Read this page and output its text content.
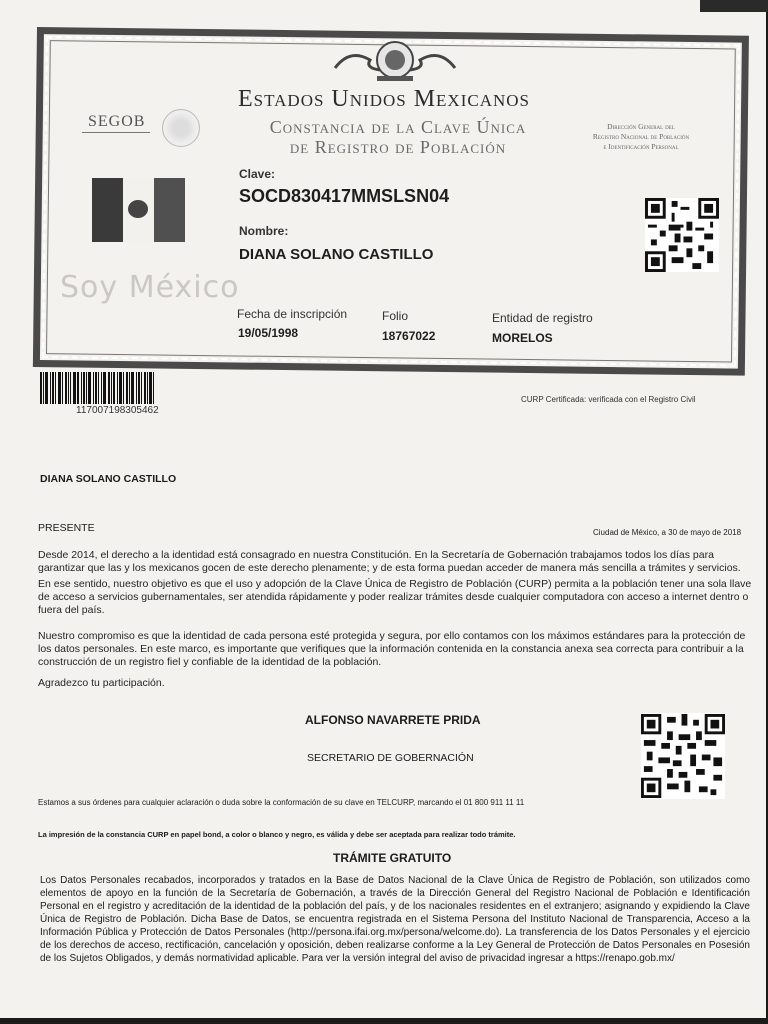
Estados Unidos Mexicanos
Constancia de la Clave Única
de Registro de Población
SEGOB	Dirección General del
Registro Nacional de Población
e Identificación Personal
Soy México
Clave:
SOCD830417MMSLSN04
Nombre:
DIANA SOLANO CASTILLO
Fecha de inscripción
19/05/1998
Folio
18767022
Entidad de registro
MORELOS
117007198305462
CURP Certificada: verificada con el Registro Civil
DIANA SOLANO CASTILLO
PRESENTE	Ciudad de México, a 30 de mayo de 2018
Desde 2014, el derecho a la identidad está consagrado en nuestra Constitución. En la Secretaría de Gobernación trabajamos todos los días para garantizar que las y los mexicanos gocen de este derecho plenamente; y de esta forma puedan acceder de manera más sencilla a trámites y servicios.
En ese sentido, nuestro objetivo es que el uso y adopción de la Clave Única de Registro de Población (CURP) permita a la población tener una sola llave de acceso a servicios gubernamentales, ser atendida rápidamente y poder realizar trámites desde cualquier computadora con acceso a internet dentro o fuera del país.
Nuestro compromiso es que la identidad de cada persona esté protegida y segura, por ello contamos con los máximos estándares para la protección de los datos personales. En este marco, es importante que verifiques que la información contenida en la constancia anexa sea correcta para contribuir a la construcción de un registro fiel y confiable de la identidad de la población.
Agradezco tu participación.
ALFONSO NAVARRETE PRIDA
SECRETARIO DE GOBERNACIÓN
Estamos a sus órdenes para cualquier aclaración o duda sobre la conformación de su clave en TELCURP, marcando el 01 800 911 11 11
La impresión de la constancia CURP en papel bond, a color o blanco y negro, es válida y debe ser aceptada para realizar todo trámite.
TRÁMITE GRATUITO
Los Datos Personales recabados, incorporados y tratados en la Base de Datos Nacional de la Clave Única de Registro de Población, son utilizados como elementos de apoyo en la función de la Secretaría de Gobernación, a través de la Dirección General del Registro Nacional de Población e Identificación Personal en el registro y acreditación de la identidad de la población del país, y de los nacionales residentes en el extranjero; asignando y expidiendo la Clave Única de Registro de Población. Dicha Base de Datos, se encuentra registrada en el Sistema Persona del Instituto Nacional de Transparencia, Acceso a la Información Pública y Protección de Datos Personales (http://persona.ifai.org.mx/persona/welcome.do). La transferencia de los Datos Personales y el ejercicio de los derechos de acceso, rectificación, cancelación y oposición, deben realizarse conforme a la Ley General de Protección de Datos Personales en Posesión de los Sujetos Obligados, y demás normatividad aplicable. Para ver la versión integral del aviso de privacidad ingresar a https://renapo.gob.mx/
